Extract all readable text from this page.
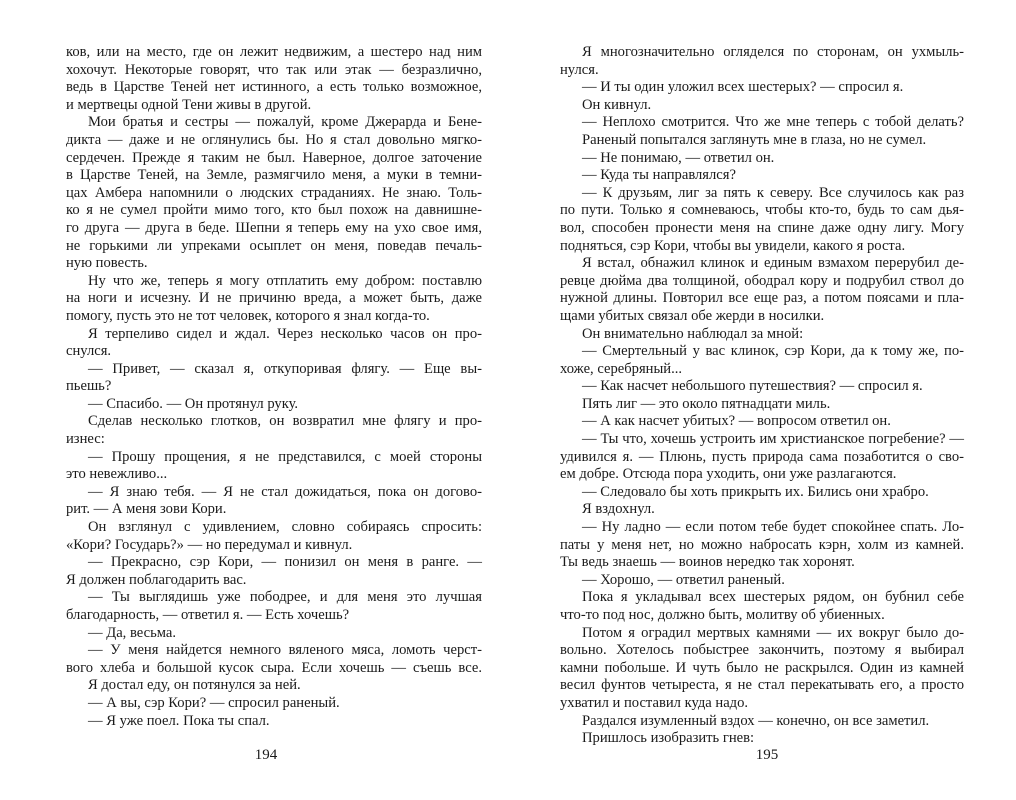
ков, или на место, где он лежит недвижим, а шестеро над ним
хохочут. Некоторые говорят, что так или этак — безразлично,
ведь в Царстве Теней нет истинного, а есть только возможное,
и мертвецы одной Тени живы в другой.
Мои братья и сестры — пожалуй, кроме Джерарда и Бене-
дикта — даже и не оглянулись бы. Но я стал довольно мягко-
сердечен. Прежде я таким не был. Наверное, долгое заточение
в Царстве Теней, на Земле, размягчило меня, а муки в темни-
цах Амбера напомнили о людских страданиях. Не знаю. Толь-
ко я не сумел пройти мимо того, кто был похож на давнишне-
го друга — друга в беде. Шепни я теперь ему на ухо свое имя,
не горькими ли упреками осыплет он меня, поведав печаль-
ную повесть.
Ну что же, теперь я могу отплатить ему добром: поставлю
на ноги и исчезну. И не причиню вреда, а может быть, даже
помогу, пусть это не тот человек, которого я знал когда-то.
Я терпеливо сидел и ждал. Через несколько часов он про-
снулся.
— Привет, — сказал я, откупоривая флягу. — Еще вы-
пьешь?
— Спасибо. — Он протянул руку.
Сделав несколько глотков, он возвратил мне флягу и про-
изнес:
— Прошу прощения, я не представился, с моей стороны
это невежливо...
— Я знаю тебя. — Я не стал дожидаться, пока он догово-
рит. — А меня зови Кори.
Он взглянул с удивлением, словно собираясь спросить:
«Кори? Государь?» — но передумал и кивнул.
— Прекрасно, сэр Кори, — понизил он меня в ранге. —
Я должен поблагодарить вас.
— Ты выглядишь уже пободрее, и для меня это лучшая
благодарность, — ответил я. — Есть хочешь?
— Да, весьма.
— У меня найдется немного вяленого мяса, ломоть черст-
вого хлеба и большой кусок сыра. Если хочешь — съешь все.
Я достал еду, он потянулся за ней.
— А вы, сэр Кори? — спросил раненый.
— Я уже поел. Пока ты спал.
194
Я многозначительно огляделся по сторонам, он ухмыль-
нулся.
— И ты один уложил всех шестерых? — спросил я.
Он кивнул.
— Неплохо смотрится. Что же мне теперь с тобой делать?
Раненый попытался заглянуть мне в глаза, но не сумел.
— Не понимаю, — ответил он.
— Куда ты направлялся?
— К друзьям, лиг за пять к северу. Все случилось как раз
по пути. Только я сомневаюсь, чтобы кто-то, будь то сам дья-
вол, способен пронести меня на спине даже одну лигу. Могу
подняться, сэр Кори, чтобы вы увидели, какого я роста.
Я встал, обнажил клинок и единым взмахом перерубил де-
ревце дюйма два толщиной, ободрал кору и подрубил ствол до
нужной длины. Повторил все еще раз, а потом поясами и пла-
щами убитых связал обе жерди в носилки.
Он внимательно наблюдал за мной:
— Смертельный у вас клинок, сэр Кори, да к тому же, по-
хоже, серебряный...
— Как насчет небольшого путешествия? — спросил я.
Пять лиг — это около пятнадцати миль.
— А как насчет убитых? — вопросом ответил он.
— Ты что, хочешь устроить им христианское погребение? —
удивился я. — Плюнь, пусть природа сама позаботится о сво-
ем добре. Отсюда пора уходить, они уже разлагаются.
— Следовало бы хоть прикрыть их. Бились они храбро.
Я вздохнул.
— Ну ладно — если потом тебе будет спокойнее спать. Ло-
паты у меня нет, но можно набросать кэрн, холм из камней.
Ты ведь знаешь — воинов нередко так хоронят.
— Хорошо, — ответил раненый.
Пока я укладывал всех шестерых рядом, он бубнил себе
что-то под нос, должно быть, молитву об убиенных.
Потом я оградил мертвых камнями — их вокруг было до-
вольно. Хотелось побыстрее закончить, поэтому я выбирал
камни побольше. И чуть было не раскрылся. Один из камней
весил фунтов четыреста, я не стал перекатывать его, а просто
ухватил и поставил куда надо.
Раздался изумленный вздох — конечно, он все заметил.
Пришлось изобразить гнев:
195
